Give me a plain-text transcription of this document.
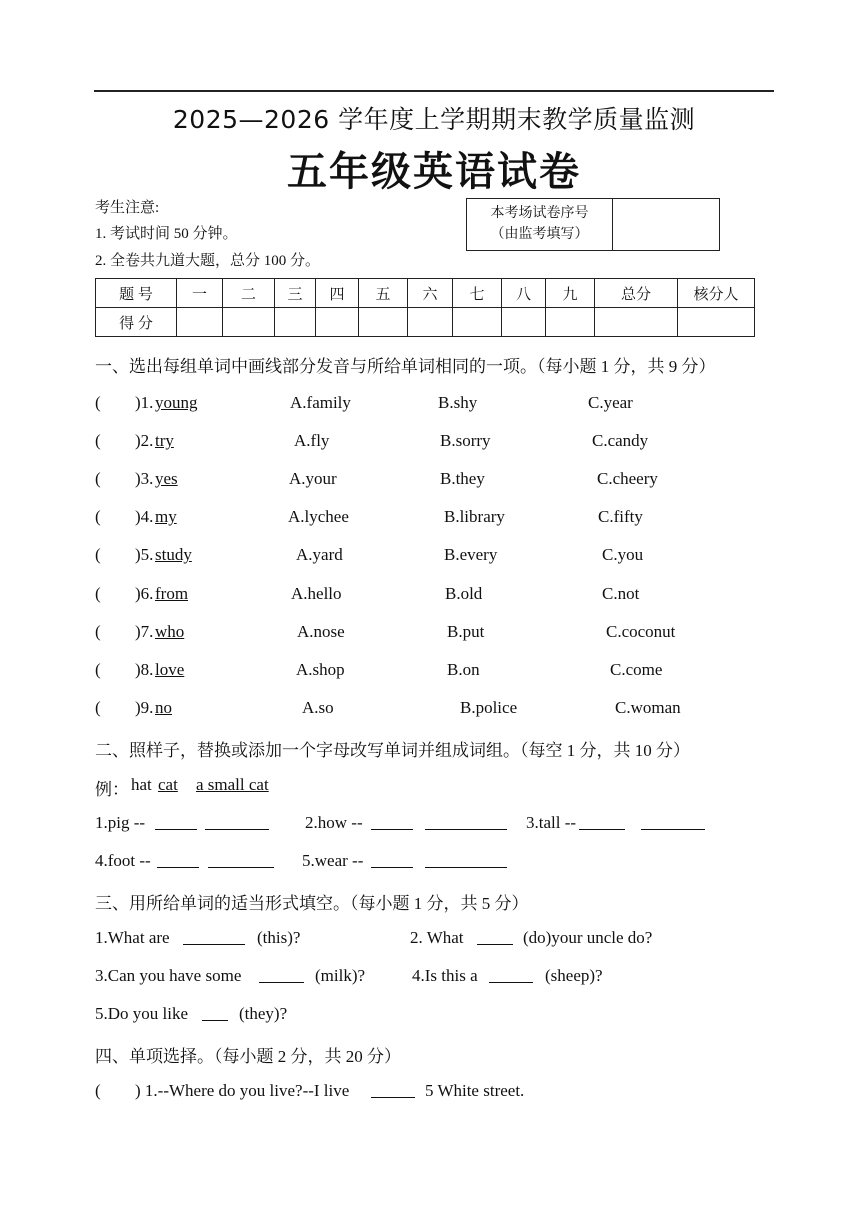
2025—2026 学年度上学期期末教学质量监测
五年级英语试卷
考生注意:
1. 考试时间 50 分钟。
2. 全卷共九道大题，总分 100 分。
本考场试卷序号
（由监考填写）
题 号	一	二	三	四	五	六	七	八	九	总分	核分人
得 分											
一、选出每组单词中画线部分发音与所给单词相同的一项。（每小题 1 分，共 9 分）
( )1. young	A.family	B.shy	C.year
( )2. try	A.fly	B.sorry	C.candy
( )3. yes	A.your	B.they	C.cheery
( )4. my	A.lychee	B.library	C.fifty
( )5. study	A.yard	B.every	C.you
( )6. from	A.hello	B.old	C.not
( )7. who	A.nose	B.put	C.coconut
( )8. love	A.shop	B.on	C.come
( )9. no	A.so	B.police	C.woman
二、照样子，替换或添加一个字母改写单词并组成词组。（每空 1 分，共 10 分）
例： hat cat a small cat
1.pig --	2.how --	3.tall --
4.foot --	5.wear --
三、用所给单词的适当形式填空。（每小题 1 分，共 5 分）
1.What are	(this)?	2. What	(do)your uncle do?
3.Can you have some	(milk)?	4.Is this a	(sheep)?
5.Do you like	(they)?
四、单项选择。（每小题 2 分，共 20 分）
( ) 1.--Where do you live?--I live	5 White street.
